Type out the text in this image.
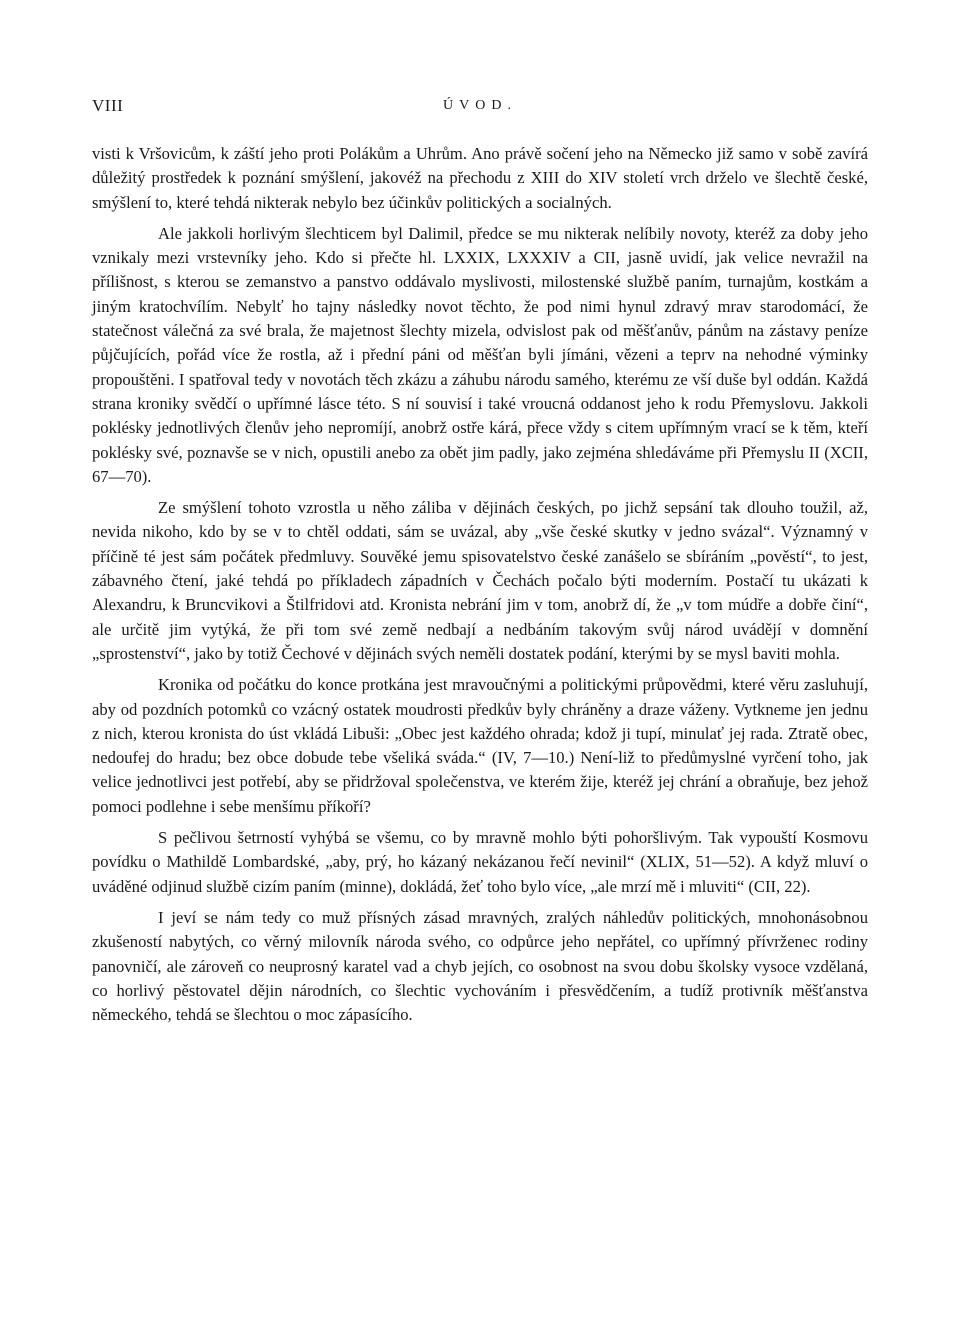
VIII	ÚVOD.

visti k Vršovicům, k záští jeho proti Polákům a Uhrům. Ano právě sočení jeho na Německo již samo v sobě zavírá důležitý prostředek k poznání smýšlení, jakovéž na přechodu z XIII do XIV století vrch drželo ve šlechtě české, smýšlení to, které tehdá nikterak nebylo bez účinkův politických a socialných.

Ale jakkoli horlivým šlechticem byl Dalimil, předce se mu nikterak nelíbily novoty, kteréž za doby jeho vznikaly mezi vrstevníky jeho. Kdo si přečte hl. LXXIX, LXXXIV a CII, jasně uvidí, jak velice nevražil na přílišnost, s kterou se zemanstvo a panstvo oddávalo myslivosti, milostenské službě paním, turnajům, kostkám a jiným kratochvílím. Nebylť ho tajny následky novot těchto, že pod nimi hynul zdravý mrav starodomácí, že statečnost válečná za své brala, že majetnost šlechty mizela, odvislost pak od měšťanův, pánům na zástavy peníze půjčujících, pořád více že rostla, až i přední páni od měšťan byli jímáni, vězeni a teprv na nehodné výminky propouštěni. I spatřoval tedy v novotách těch zkázu a záhubu národu samého, kterému ze vší duše byl oddán. Každá strana kroniky svědčí o upřímné lásce této. S ní souvisí i také vroucná oddanost jeho k rodu Přemyslovu. Jakkoli poklésky jednotlivých členův jeho nepromíjí, anobrž ostře kárá, přece vždy s citem upřímným vrací se k těm, kteří poklésky své, poznavše se v nich, opustili anebo za obět jim padly, jako zejména shledáváme při Přemyslu II (XCII, 67—70).

Ze smýšlení tohoto vzrostla u něho záliba v dějinách českých, po jichž sepsání tak dlouho toužil, až, nevida nikoho, kdo by se v to chtěl oddati, sám se uvázal, aby „vše české skutky v jedno svázal“. Významný v příčině té jest sám počátek předmluvy. Souvěké jemu spisovatelstvo české zanášelo se sbíráním „pověstí“, to jest, zábavného čtení, jaké tehdá po příkladech západních v Čechách počalo býti moderním. Postačí tu ukázati k Alexandru, k Bruncvikovi a Štilfridovi atd. Kronista nebrání jim v tom, anobrž dí, že „v tom múdře a dobře činí“, ale určitě jim vytýká, že při tom své země nedbají a nedbáním takovým svůj národ uvádějí v domnění „sprostenství“, jako by totiž Čechové v dějinách svých neměli dostatek podání, kterými by se mysl baviti mohla.

Kronika od počátku do konce protkána jest mravoučnými a politickými průpovědmi, které věru zasluhují, aby od pozdních potomků co vzácný ostatek moudrosti předkův byly chráněny a draze váženy. Vytkneme jen jednu z nich, kterou kronista do úst vkládá Libuši: „Obec jest každého ohrada; kdož ji tupí, minulať jej rada. Ztratě obec, nedoufej do hradu; bez obce dobude tebe všeliká sváda.“ (IV, 7—10.) Není-liž to předůmyslné vyrčení toho, jak velice jednotlivci jest potřebí, aby se přidržoval společenstva, ve kterém žije, kteréž jej chrání a obraňuje, bez jehož pomoci podlehne i sebe menšímu příkoří?

S pečlivou šetrností vyhýbá se všemu, co by mravně mohlo býti pohoršlivým. Tak vypouští Kosmovu povídku o Mathildě Lombardské, „aby, prý, ho kázaný nekázanou řečí nevinil“ (XLIX, 51—52). A když mluví o uváděné odjinud službě cizím paním (minne), dokládá, žeť toho bylo více, „ale mrzí mě i mluviti“ (CII, 22).

I jeví se nám tedy co muž přísných zásad mravných, zralých náhledův politických, mnohonásobnou zkušeností nabytých, co věrný milovník národa svého, co odpůrce jeho nepřátel, co upřímný přívrženec rodiny panovničí, ale zároveň co neuprosný karatel vad a chyb jejích, co osobnost na svou dobu školsky vysoce vzdělaná, co horlivý pěstovatel dějin národních, co šlechtic vychováním i přesvědčením, a tudíž protivník měšťanstva německého, tehdá se šlechtou o moc zápasícího.
